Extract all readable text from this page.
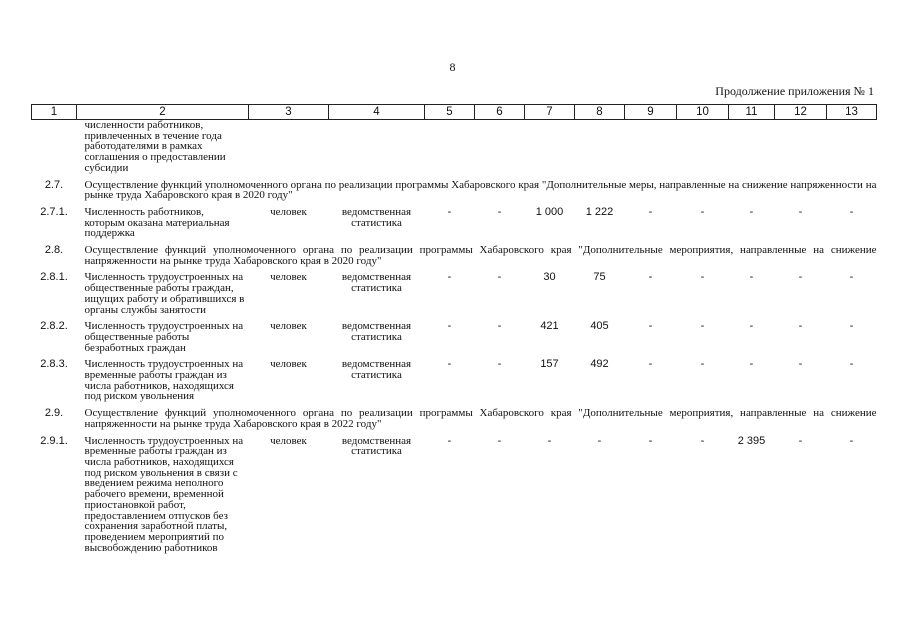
8
Продолжение приложения № 1
1	2	3	4	5	6	7	8	9	10	11	12	13
	численности работников, привлеченных в течение года работодателями в рамках соглашения о предоставлении субсидии											
2.7.	Осуществление функций уполномоченного органа по реализации программы Хабаровского края "Дополнительные меры, направленные на снижение напряженности на рынке труда Хабаровского края в 2020 году"											
2.7.1.	Численность работников, которым оказана материальная поддержка	человек	ведомственная статистика	-	-	1 000	1 222	-	-	-	-	-
2.8.	Осуществление функций уполномоченного органа по реализации программы Хабаровского края "Дополнительные мероприятия, направленные на снижение напряженности на рынке труда Хабаровского края в 2020 году"											
2.8.1.	Численность трудоустроенных на общественные работы граждан, ищущих работу и обратившихся в органы службы занятости	человек	ведомственная статистика	-	-	30	75	-	-	-	-	-
2.8.2.	Численность трудоустроенных на общественные работы безработных граждан	человек	ведомственная статистика	-	-	421	405	-	-	-	-	-
2.8.3.	Численность трудоустроенных на временные работы граждан из числа работников, находящихся под риском увольнения	человек	ведомственная статистика	-	-	157	492	-	-	-	-	-
2.9.	Осуществление функций уполномоченного органа по реализации программы Хабаровского края "Дополнительные мероприятия, направленные на снижение напряженности на рынке труда Хабаровского края в 2022 году"											
2.9.1.	Численность трудоустроенных на временные работы граждан из числа работников, находящихся под риском увольнения в связи с введением режима неполного рабочего времени, временной приостановкой работ, предоставлением отпусков без сохранения заработной платы, проведением мероприятий по высвобождению работников	человек	ведомственная статистика	-	-	-	-	-	-	2 395	-	-
